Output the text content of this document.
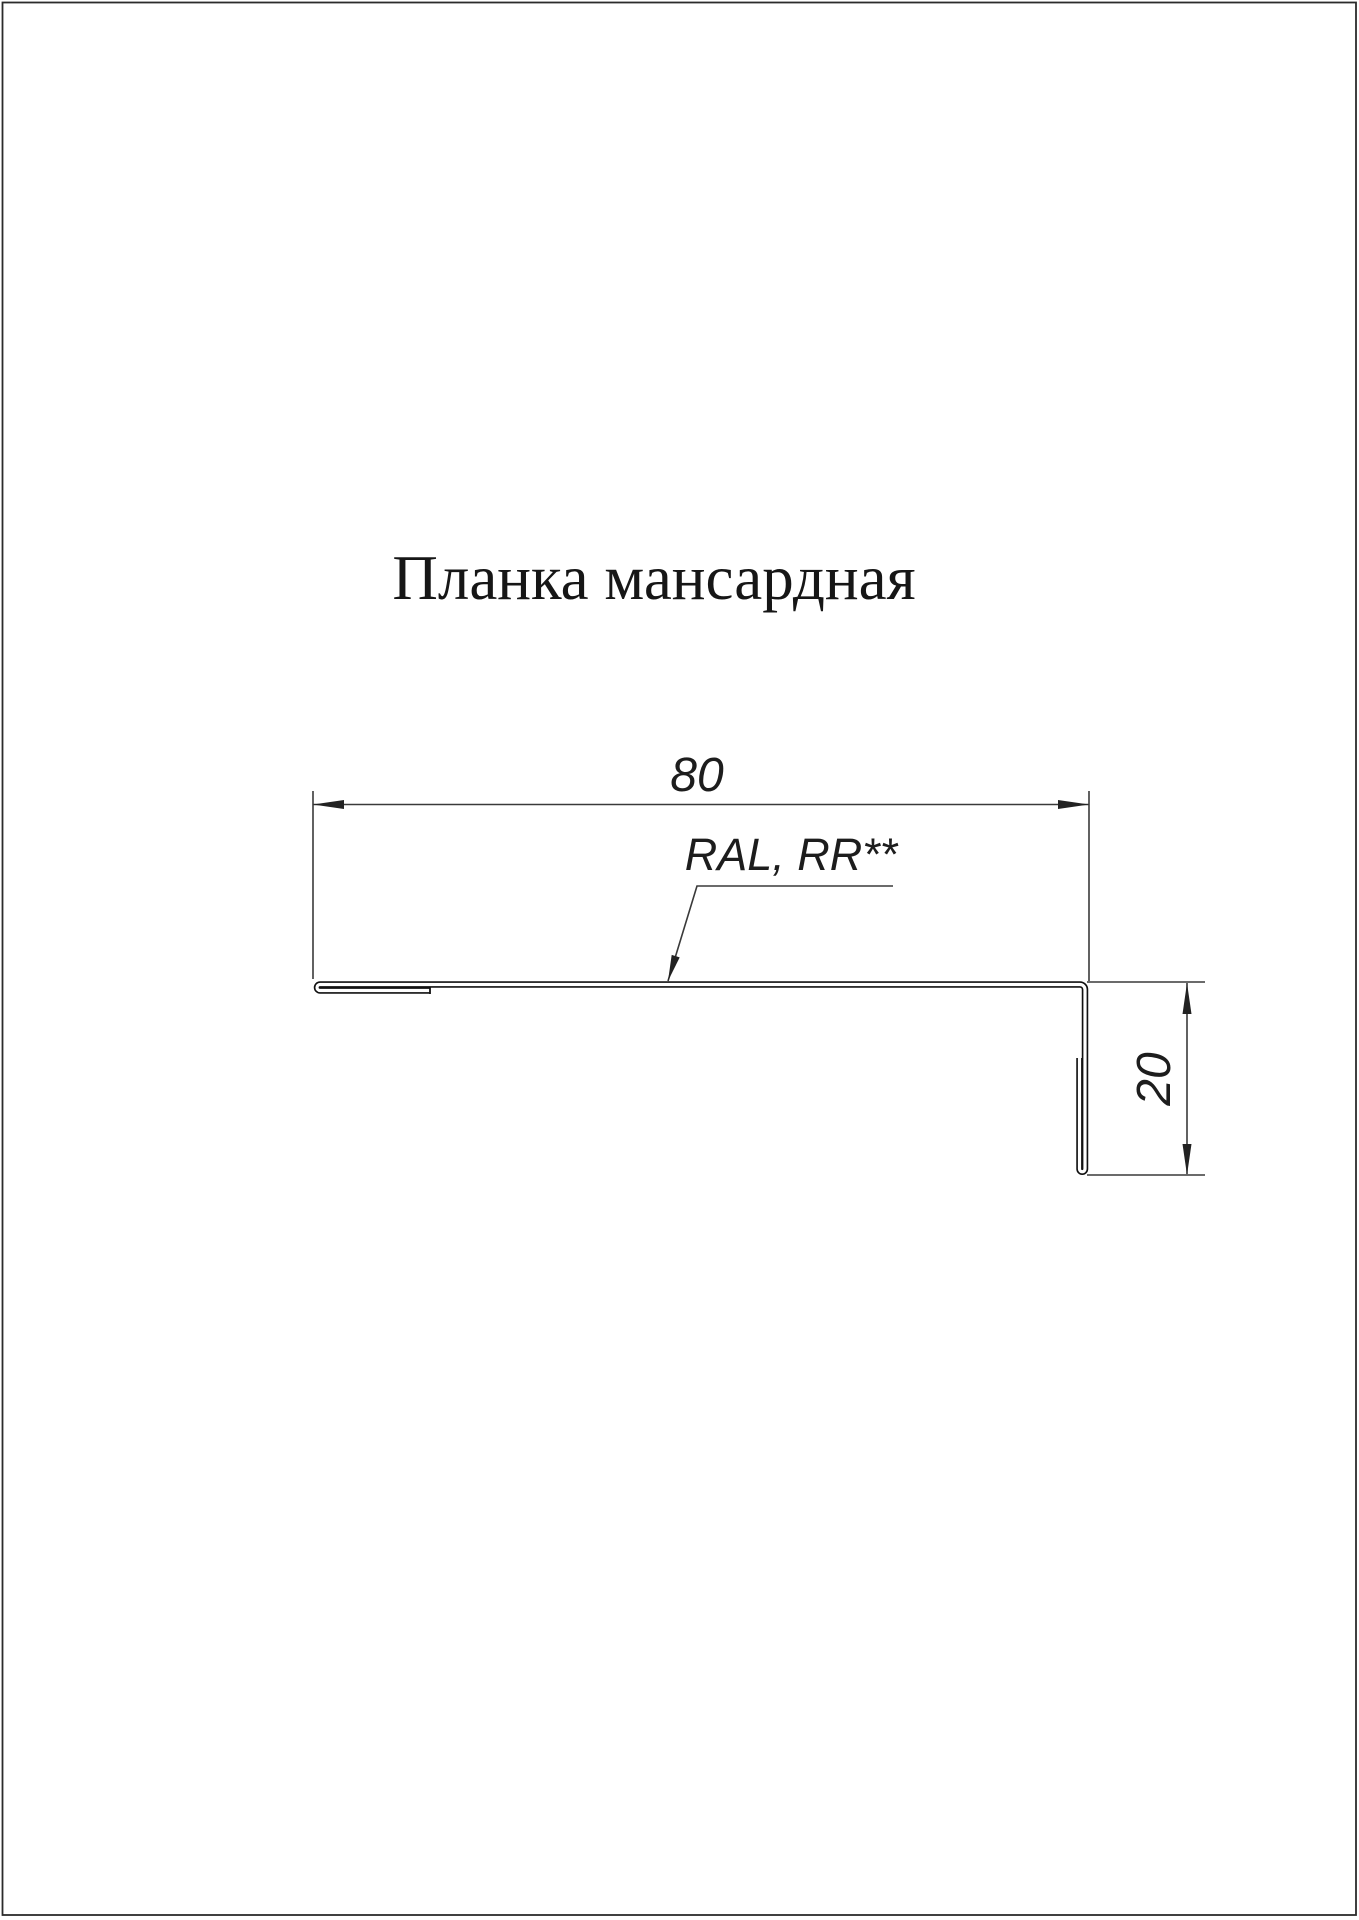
Планка мансардная
80
RAL, RR**
20
